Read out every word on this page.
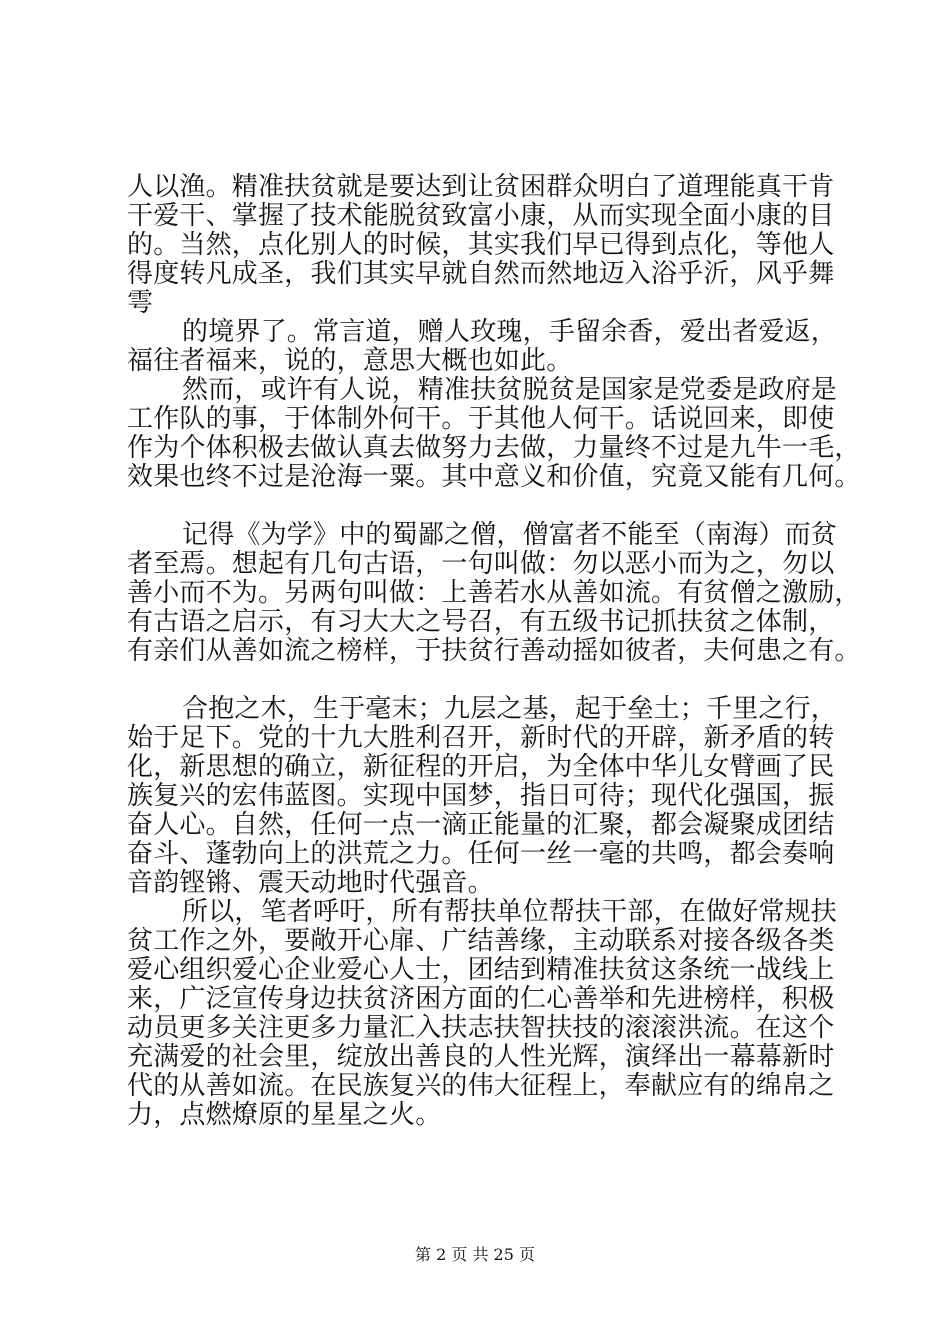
人以渔。精准扶贫就是要达到让贫困群众明白了道理能真干肯
干爱干、掌握了技术能脱贫致富小康，从而实现全面小康的目
的。当然，点化别人的时候，其实我们早已得到点化，等他人
得度转凡成圣，我们其实早就自然而然地迈入浴乎沂，风乎舞
雩
的境界了。常言道，赠人玫瑰，手留余香，爱出者爱返，
福往者福来，说的，意思大概也如此。
然而，或许有人说，精准扶贫脱贫是国家是党委是政府是
工作队的事，于体制外何干。于其他人何干。话说回来，即使
作为个体积极去做认真去做努力去做，力量终不过是九牛一毛，
效果也终不过是沧海一粟。其中意义和价值，究竟又能有几何。
记得《为学》中的蜀鄙之僧，僧富者不能至（南海）而贫
者至焉。想起有几句古语，一句叫做：勿以恶小而为之，勿以
善小而不为。另两句叫做：上善若水从善如流。有贫僧之激励，
有古语之启示，有习大大之号召，有五级书记抓扶贫之体制，
有亲们从善如流之榜样，于扶贫行善动摇如彼者，夫何患之有。
合抱之木，生于毫末；九层之基，起于垒土；千里之行，
始于足下。党的十九大胜利召开，新时代的开辟，新矛盾的转
化，新思想的确立，新征程的开启，为全体中华儿女臂画了民
族复兴的宏伟蓝图。实现中国梦，指日可待；现代化强国，振
奋人心。自然，任何一点一滴正能量的汇聚，都会凝聚成团结
奋斗、蓬勃向上的洪荒之力。任何一丝一毫的共鸣，都会奏响
音韵铿锵、震天动地时代强音。
所以，笔者呼吁，所有帮扶单位帮扶干部，在做好常规扶
贫工作之外，要敞开心扉、广结善缘，主动联系对接各级各类
爱心组织爱心企业爱心人士，团结到精准扶贫这条统一战线上
来，广泛宣传身边扶贫济困方面的仁心善举和先进榜样，积极
动员更多关注更多力量汇入扶志扶智扶技的滚滚洪流。在这个
充满爱的社会里，绽放出善良的人性光辉，演绎出一幕幕新时
代的从善如流。在民族复兴的伟大征程上，奉献应有的绵帛之
力，点燃燎原的星星之火。
第 2 页 共 25 页
